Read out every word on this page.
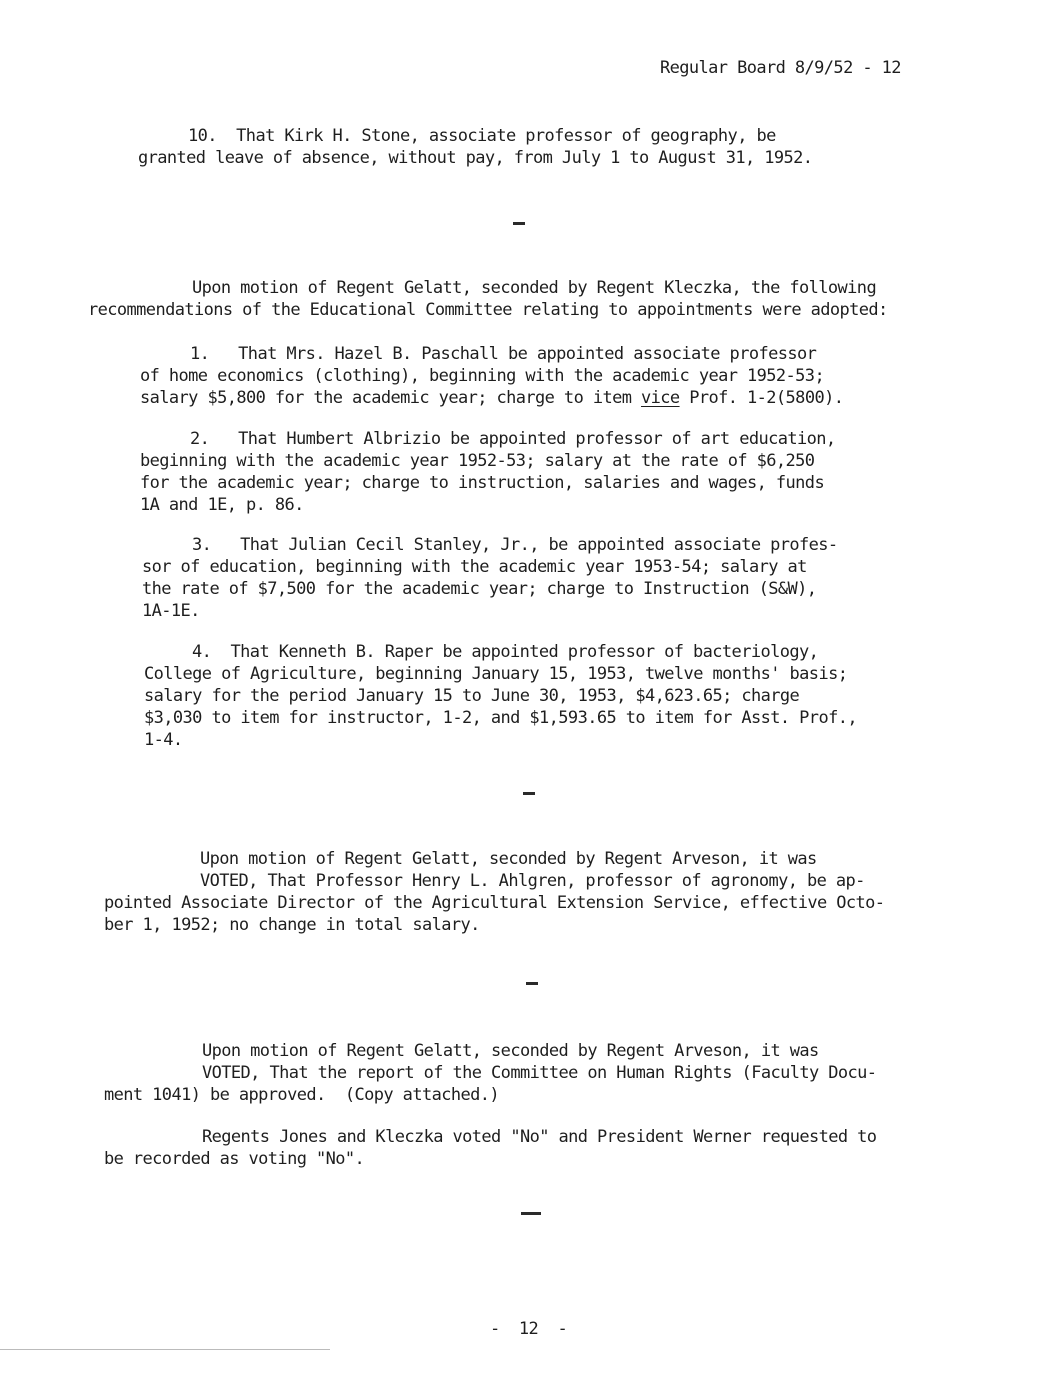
Regular Board 8/9/52 - 12

10.  That Kirk H. Stone, associate professor of geography, be
granted leave of absence, without pay, from July 1 to August 31, 1952.

Upon motion of Regent Gelatt, seconded by Regent Kleczka, the following
recommendations of the Educational Committee relating to appointments were adopted:

1.   That Mrs. Hazel B. Paschall be appointed associate professor
of home economics (clothing), beginning with the academic year 1952-53;
salary $5,800 for the academic year; charge to item vice Prof. 1-2(5800).

2.   That Humbert Albrizio be appointed professor of art education,
beginning with the academic year 1952-53; salary at the rate of $6,250
for the academic year; charge to instruction, salaries and wages, funds
1A and 1E, p. 86.

3.   That Julian Cecil Stanley, Jr., be appointed associate profes-
sor of education, beginning with the academic year 1953-54; salary at
the rate of $7,500 for the academic year; charge to Instruction (S&W),
1A-1E.

4.  That Kenneth B. Raper be appointed professor of bacteriology,
College of Agriculture, beginning January 15, 1953, twelve months' basis;
salary for the period January 15 to June 30, 1953, $4,623.65; charge
$3,030 to item for instructor, 1-2, and $1,593.65 to item for Asst. Prof.,
1-4.

Upon motion of Regent Gelatt, seconded by Regent Arveson, it was
VOTED, That Professor Henry L. Ahlgren, professor of agronomy, be ap-
pointed Associate Director of the Agricultural Extension Service, effective Octo-
ber 1, 1952; no change in total salary.

Upon motion of Regent Gelatt, seconded by Regent Arveson, it was
VOTED, That the report of the Committee on Human Rights (Faculty Docu-
ment 1041) be approved.  (Copy attached.)

Regents Jones and Kleczka voted "No" and President Werner requested to
be recorded as voting "No".

-  12  -
